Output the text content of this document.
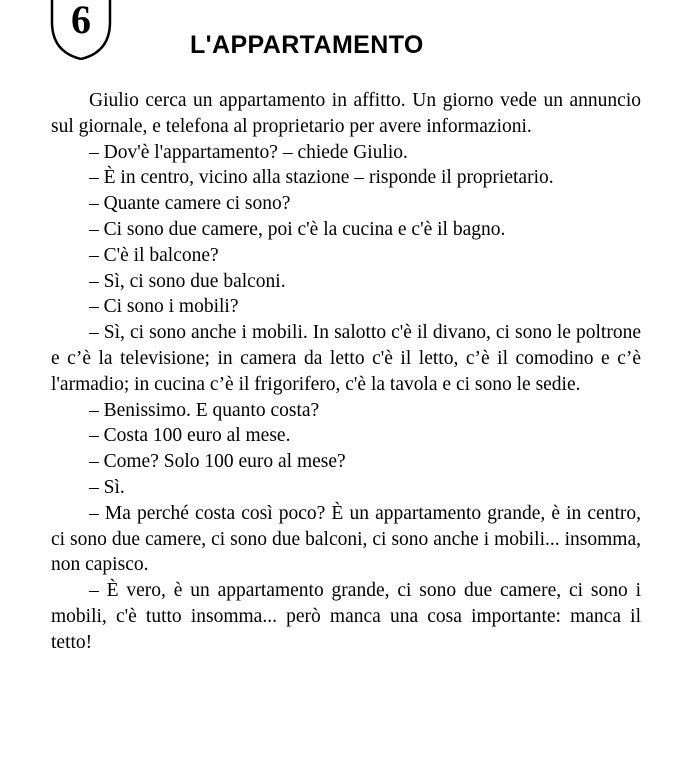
6
L'APPARTAMENTO

Giulio cerca un appartamento in affitto. Un giorno vede un annuncio sul giornale, e telefona al proprietario per avere informazioni.

– Dov'è l'appartamento? – chiede Giulio.

– È in centro, vicino alla stazione – risponde il proprietario.

– Quante camere ci sono?

– Ci sono due camere, poi c'è la cucina e c'è il bagno.

– C'è il balcone?

– Sì, ci sono due balconi.

– Ci sono i mobili?

– Sì, ci sono anche i mobili. In salotto c'è il divano, ci sono le poltrone e c’è la televisione; in camera da letto c'è il letto, c’è il comodino e c’è l'armadio; in cucina c’è il frigorifero, c'è la tavola e ci sono le sedie.

– Benissimo. E quanto costa?

– Costa 100 euro al mese.

– Come? Solo 100 euro al mese?

– Sì.

– Ma perché costa così poco? È un appartamento grande, è in centro, ci sono due camere, ci sono due balconi, ci sono anche i mobili... insomma, non capisco.

– È vero, è un appartamento grande, ci sono due camere, ci sono i mobili, c'è tutto insomma... però manca una cosa importante: manca il tetto!
